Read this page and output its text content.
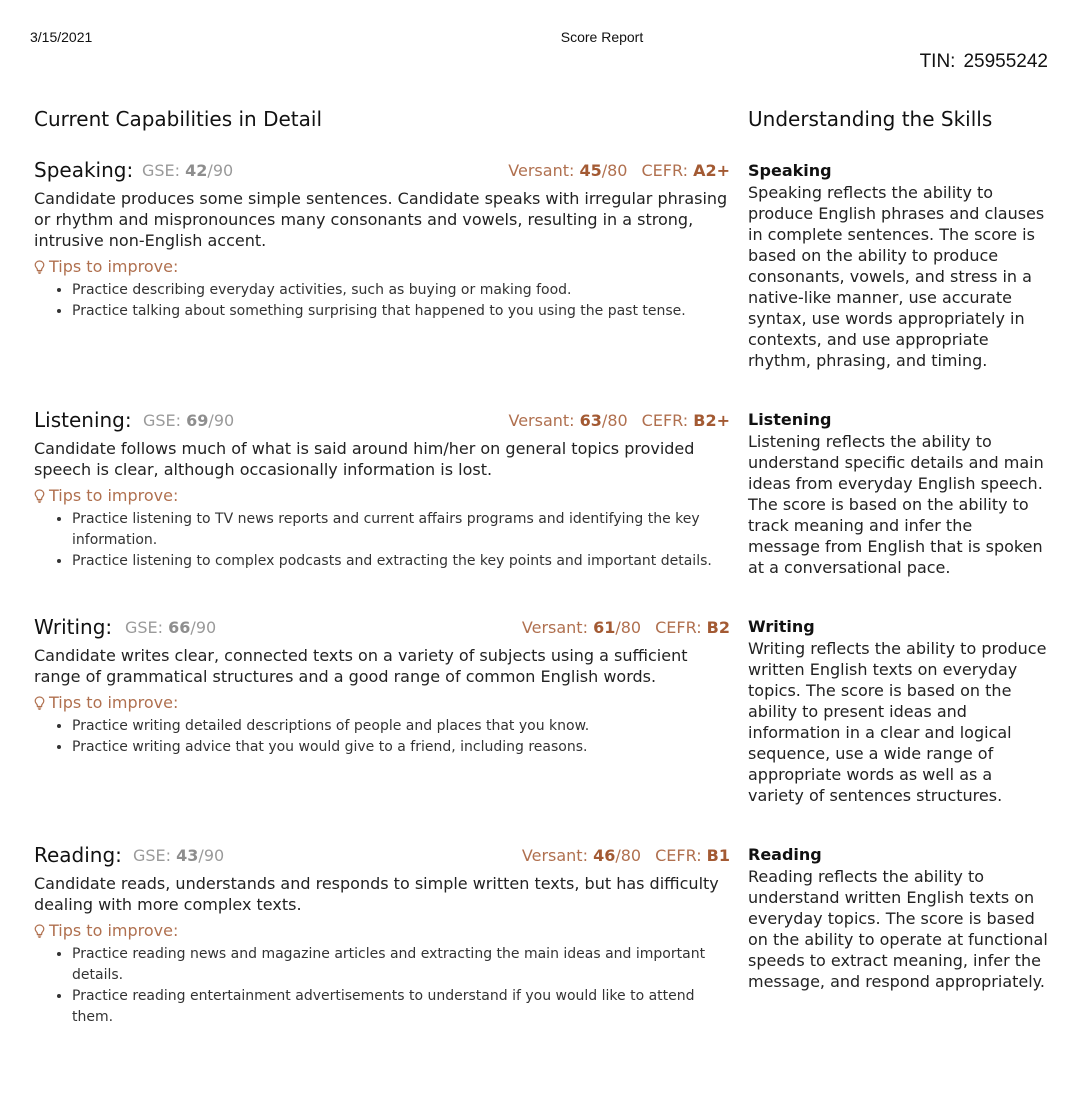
3/15/2021	Score Report
TIN: 25955242
Current Capabilities in Detail
Speaking: GSE: 42/90	Versant: 45/80 CEFR: A2+
Candidate produces some simple sentences. Candidate speaks with irregular phrasing or rhythm and mispronounces many consonants and vowels, resulting in a strong, intrusive non-English accent.
Tips to improve:
• Practice describing everyday activities, such as buying or making food.
• Practice talking about something surprising that happened to you using the past tense.
Listening: GSE: 69/90	Versant: 63/80 CEFR: B2+
Candidate follows much of what is said around him/her on general topics provided speech is clear, although occasionally information is lost.
Tips to improve:
• Practice listening to TV news reports and current affairs programs and identifying the key information.
• Practice listening to complex podcasts and extracting the key points and important details.
Writing: GSE: 66/90	Versant: 61/80 CEFR: B2
Candidate writes clear, connected texts on a variety of subjects using a sufficient range of grammatical structures and a good range of common English words.
Tips to improve:
• Practice writing detailed descriptions of people and places that you know.
• Practice writing advice that you would give to a friend, including reasons.
Reading: GSE: 43/90	Versant: 46/80 CEFR: B1
Candidate reads, understands and responds to simple written texts, but has difficulty dealing with more complex texts.
Tips to improve:
• Practice reading news and magazine articles and extracting the main ideas and important details.
• Practice reading entertainment advertisements to understand if you would like to attend them.
Understanding the Skills
Speaking
Speaking reflects the ability to produce English phrases and clauses in complete sentences. The score is based on the ability to produce consonants, vowels, and stress in a native-like manner, use accurate syntax, use words appropriately in contexts, and use appropriate rhythm, phrasing, and timing.
Listening
Listening reflects the ability to understand specific details and main ideas from everyday English speech. The score is based on the ability to track meaning and infer the message from English that is spoken at a conversational pace.
Writing
Writing reflects the ability to produce written English texts on everyday topics. The score is based on the ability to present ideas and information in a clear and logical sequence, use a wide range of appropriate words as well as a variety of sentences structures.
Reading
Reading reflects the ability to understand written English texts on everyday topics. The score is based on the ability to operate at functional speeds to extract meaning, infer the message, and respond appropriately.
